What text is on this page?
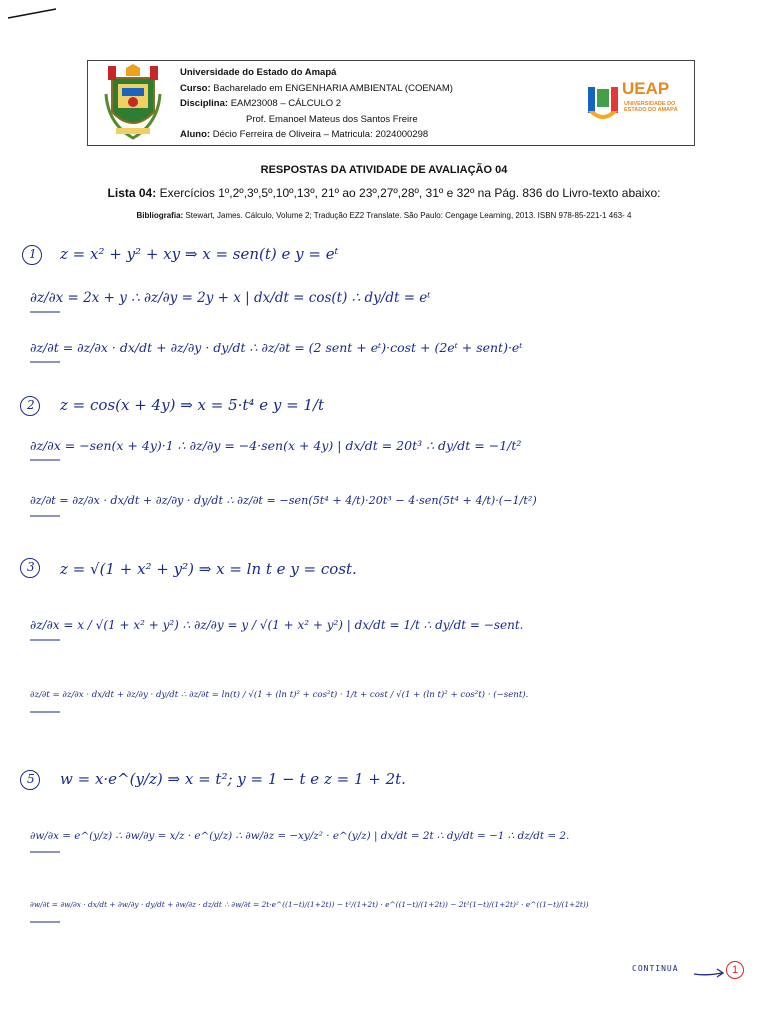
Universidade do Estado do Amapá
Curso: Bacharelado em ENGENHARIA AMBIENTAL (COENAM)
Disciplina: EAM23008 – CÁLCULO 2
Prof. Emanoel Mateus dos Santos Freire
Aluno: Décio Ferreira de Oliveira – Matricula: 2024000298
UEAP
UNIVERSIDADE DO ESTADO DO AMAPÁ
RESPOSTAS DA ATIVIDADE DE AVALIAÇÃO 04
Lista 04: Exercícios 1º,2º,3º,5º,10º,13º, 21º ao 23º,27º,28º, 31º e 32º na Pág. 836 do Livro-texto abaixo:
Bibliografia: Stewart, James. Cálculo, Volume 2; Tradução EZ2 Translate. São Paulo: Cengage Learning, 2013. ISBN 978-85-221-1 463- 4
1 z = x² + y² + xy ⇒ x = sen(t) e y = eᵗ
∂z/∂x = 2x + y ∴ ∂z/∂y = 2y + x | dx/dt = cos(t) ∴ dy/dt = eᵗ
∂z/∂t = ∂z/∂x · dx/dt + ∂z/∂y · dy/dt ∴ ∂z/∂t = (2 sent + eᵗ)·cost + (2eᵗ + sent)·eᵗ
2 z = cos(x + 4y) ⇒ x = 5·t⁴ e y = 1/t
∂z/∂x = −sen(x + 4y)·1 ∴ ∂z/∂y = −4·sen(x + 4y) | dx/dt = 20t³ ∴ dy/dt = −1/t²
∂z/∂t = ∂z/∂x · dx/dt + ∂z/∂y · dy/dt ∴ ∂z/∂t = −sen(5t⁴ + 4/t)·20t³ − 4·sen(5t⁴ + 4/t)·(−1/t²)
3 z = √(1 + x² + y²) ⇒ x = ln t e y = cost.
∂z/∂x = x / √(1 + x² + y²) ∴ ∂z/∂y = y / √(1 + x² + y²) | dx/dt = 1/t ∴ dy/dt = −sent.
∂z/∂t = ∂z/∂x · dx/dt + ∂z/∂y · dy/dt ∴ ∂z/∂t = ln(t) / √(1 + (ln t)² + cos²t) · 1/t + cost / √(1 + (ln t)² + cos²t) · (−sent).
5 w = x·e^(y/z) ⇒ x = t²; y = 1 − t e z = 1 + 2t.
∂w/∂x = e^(y/z) ∴ ∂w/∂y = x/z · e^(y/z) ∴ ∂w/∂z = −xy/z² · e^(y/z) | dx/dt = 2t ∴ dy/dt = −1 ∴ dz/dt = 2.
∂w/∂t = ∂w/∂x · dx/dt + ∂w/∂y · dy/dt + ∂w/∂z · dz/dt ∴ ∂w/∂t = 2t·e^((1−t)/(1+2t)) − t²/(1+2t) · e^((1−t)/(1+2t)) − 2t²(1−t)/(1+2t)² · e^((1−t)/(1+2t))
CONTINUA	1
